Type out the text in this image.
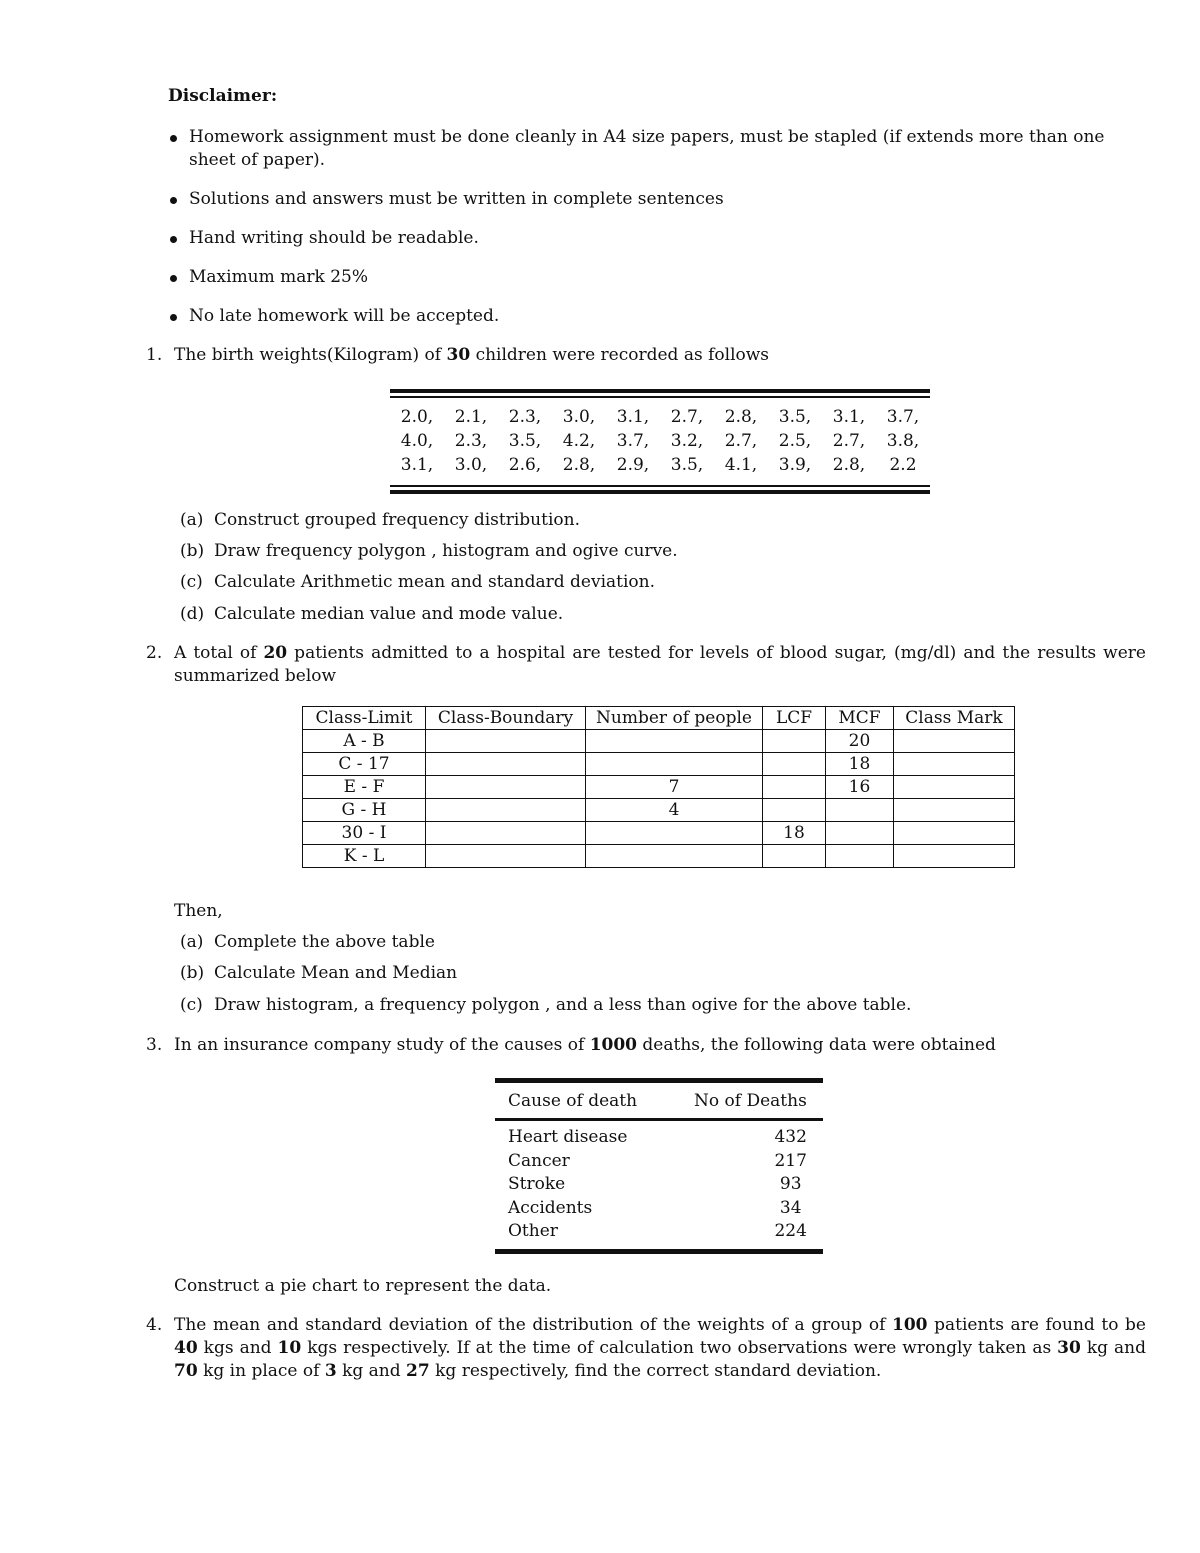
Disclaimer:
Homework assignment must be done cleanly in A4 size papers, must be stapled (if extends more than one sheet of paper).
Solutions and answers must be written in complete sentences
Hand writing should be readable.
Maximum mark 25%
No late homework will be accepted.
1. The birth weights(Kilogram) of 30 children were recorded as follows
2.0,	2.1,	2.3,	3.0,	3.1,	2.7,	2.8,	3.5,	3.1,	3.7,
4.0,	2.3,	3.5,	4.2,	3.7,	3.2,	2.7,	2.5,	2.7,	3.8,
3.1,	3.0,	2.6,	2.8,	2.9,	3.5,	4.1,	3.9,	2.8,	2.2
(a) Construct grouped frequency distribution.
(b) Draw frequency polygon , histogram and ogive curve.
(c) Calculate Arithmetic mean and standard deviation.
(d) Calculate median value and mode value.
2. A total of 20 patients admitted to a hospital are tested for levels of blood sugar, (mg/dl) and the results were summarized below
Class-Limit	Class-Boundary	Number of people	LCF	MCF	Class Mark
A - B				20	
C - 17				18	
E - F		7		16	
G - H		4			
30 - I			18		
K - L					
Then,
(a) Complete the above table
(b) Calculate Mean and Median
(c) Draw histogram, a frequency polygon , and a less than ogive for the above table.
3. In an insurance company study of the causes of 1000 deaths, the following data were obtained
Cause of death	No of Deaths
Heart disease	432
Cancer	217
Stroke	93
Accidents	34
Other	224
Construct a pie chart to represent the data.
4. The mean and standard deviation of the distribution of the weights of a group of 100 patients are found to be 40 kgs and 10 kgs respectively. If at the time of calculation two observations were wrongly taken as 30 kg and 70 kg in place of 3 kg and 27 kg respectively, find the correct standard deviation.
